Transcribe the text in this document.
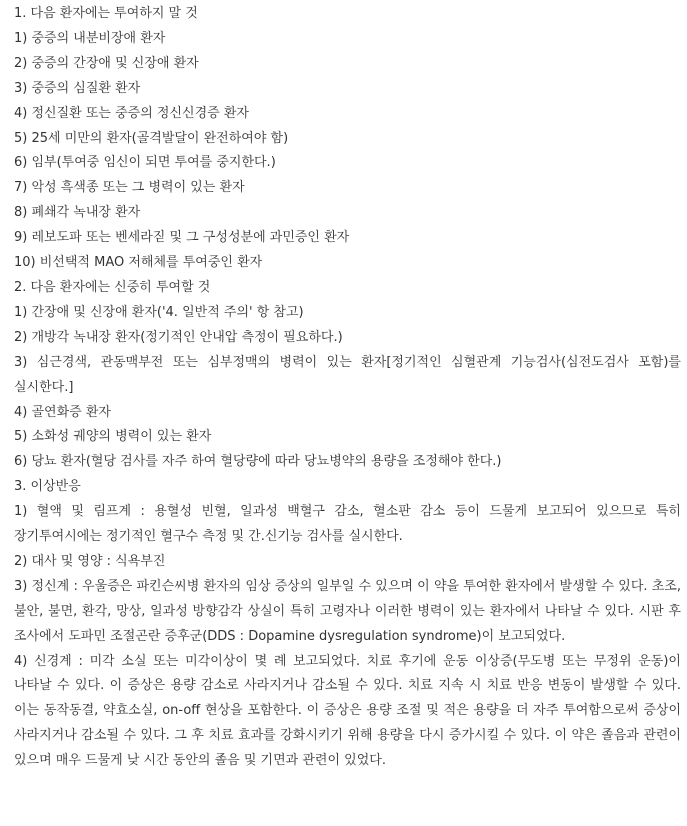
1. 다음 환자에는 투여하지 말 것
1) 중증의 내분비장애 환자
2) 중증의 간장애 및 신장애 환자
3) 중증의 심질환 환자
4) 정신질환 또는 중증의 정신신경증 환자
5) 25세 미만의 환자(골격발달이 완전하여야 함)
6) 임부(투여중 임신이 되면 투여를 중지한다.)
7) 악성 흑색종 또는 그 병력이 있는 환자
8) 폐쇄각 녹내장 환자
9) 레보도파 또는 벤세라짇 및 그 구성성분에 과민증인 환자
10) 비선택적 MAO 저해체를 투여중인 환자
2. 다음 환자에는 신중히 투여할 것
1) 간장애 및 신장애 환자('4. 일반적 주의' 항 참고)
2) 개방각 녹내장 환자(정기적인 안내압 측정이 필요하다.)
3) 심근경색, 관동맥부전 또는 심부정맥의 병력이 있는 환자[정기적인 심혈관계 기능검사(심전도검사 포함)를 실시한다.]
4) 골연화증 환자
5) 소화성 궤양의 병력이 있는 환자
6) 당뇨 환자(혈당 검사를 자주 하여 혈당량에 따라 당뇨병약의 용량을 조정해야 한다.)
3. 이상반응
1) 혈액 및 림프계 : 용혈성 빈혈, 일과성 백혈구 감소, 혈소판 감소 등이 드물게 보고되어 있으므로 특히 장기투여시에는 정기적인 혈구수 측정 및 간.신기능 검사를 실시한다.
2) 대사 및 영양 : 식욕부진
3) 정신계 : 우울증은 파킨슨씨병 환자의 임상 증상의 일부일 수 있으며 이 약을 투여한 환자에서 발생할 수 있다. 초조, 불안, 불면, 환각, 망상, 일과성 방향감각 상실이 특히 고령자나 이러한 병력이 있는 환자에서 나타날 수 있다. 시판 후 조사에서 도파민 조절곤란 증후군(DDS : Dopamine dysregulation syndrome)이 보고되었다.
4) 신경계 : 미각 소실 또는 미각이상이 몇 례 보고되었다. 치료 후기에 운동 이상증(무도병 또는 무정위 운동)이 나타날 수 있다. 이 증상은 용량 감소로 사라지거나 감소될 수 있다. 치료 지속 시 치료 반응 변동이 발생할 수 있다. 이는 동작동결, 약효소실, on-off 현상을 포함한다. 이 증상은 용량 조절 및 적은 용량을 더 자주 투여함으로써 증상이 사라지거나 감소될 수 있다. 그 후 치료 효과를 강화시키기 위해 용량을 다시 증가시킬 수 있다. 이 약은 졸음과 관련이 있으며 매우 드물게 낮 시간 동안의 졸음 및 기면과 관련이 있었다.
